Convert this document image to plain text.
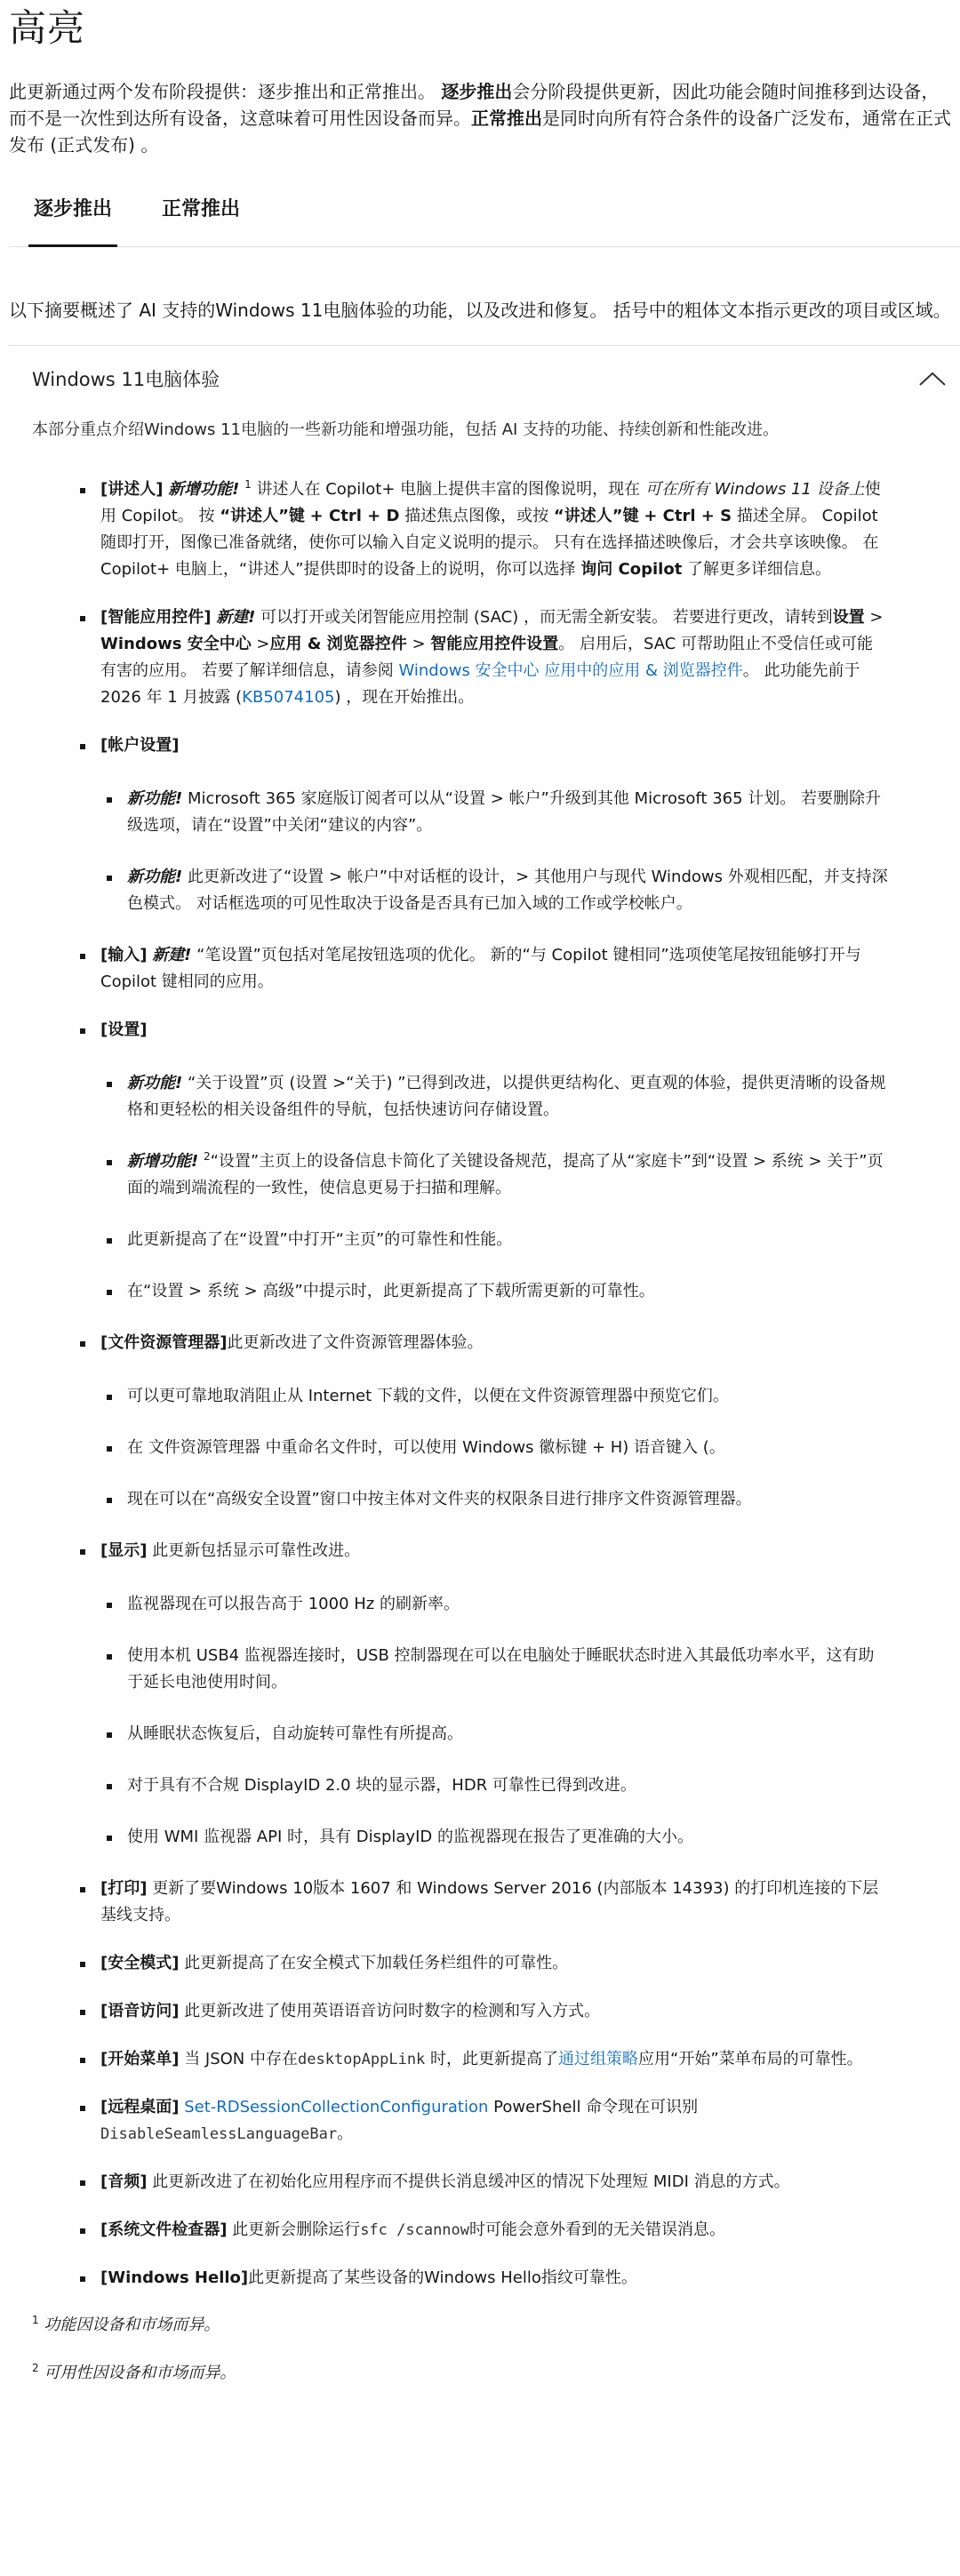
高亮

此更新通过两个发布阶段提供：逐步推出和正常推出。 逐步推出会分阶段提供更新，因此功能会随时间推移到达设备，而不是一次性到达所有设备，这意味着可用性因设备而异。正常推出是同时向所有符合条件的设备广泛发布，通常在正式发布 (正式发布) 。

逐步推出	正常推出

以下摘要概述了 AI 支持的Windows 11电脑体验的功能，以及改进和修复。 括号中的粗体文本指示更改的项目或区域。

Windows 11电脑体验

本部分重点介绍Windows 11电脑的一些新功能和增强功能，包括 AI 支持的功能、持续创新和性能改进。

[讲述人] 新增功能! $^1$ 讲述人在 Copilot+ 电脑上提供丰富的图像说明，现在 可在所有 Windows 11 设备上使用 Copilot。 按 “讲述人”键 + Ctrl + D 描述焦点图像，或按 “讲述人”键 + Ctrl + S 描述全屏。 Copilot 随即打开，图像已准备就绪，使你可以输入自定义说明的提示。 只有在选择描述映像后，才会共享该映像。 在 Copilot+ 电脑上，“讲述人”提供即时的设备上的说明，你可以选择 询问 Copilot 了解更多详细信息。
[智能应用控件] 新建! 可以打开或关闭智能应用控制 (SAC) ，而无需全新安装。 若要进行更改，请转到设置 > Windows 安全中心 >应用 & 浏览器控件 > 智能应用控件设置。 启用后，SAC 可帮助阻止不受信任或可能有害的应用。 若要了解详细信息，请参阅 Windows 安全中心 应用中的应用 & 浏览器控件。 此功能先前于 2026 年 1 月披露 (KB5074105) ，现在开始推出。
[帐户设置]
新功能! Microsoft 365 家庭版订阅者可以从“设置 > 帐户”升级到其他 Microsoft 365 计划。 若要删除升级选项，请在“设置”中关闭“建议的内容”。
新功能! 此更新改进了“设置 > 帐户”中对话框的设计，> 其他用户与现代 Windows 外观相匹配，并支持深色模式。 对话框选项的可见性取决于设备是否具有已加入域的工作或学校帐户。
[输入] 新建! “笔设置”页包括对笔尾按钮选项的优化。 新的“与 Copilot 键相同”选项使笔尾按钮能够打开与 Copilot 键相同的应用。
[设置]
新功能! “关于设置”页 (设置 >“关于) ”已得到改进，以提供更结构化、更直观的体验，提供更清晰的设备规格和更轻松的相关设备组件的导航，包括快速访问存储设置。
新增功能! $^2$“设置”主页上的设备信息卡简化了关键设备规范，提高了从“家庭卡”到“设置 > 系统 > 关于”页面的端到端流程的一致性，使信息更易于扫描和理解。
此更新提高了在“设置”中打开“主页”的可靠性和性能。
在“设置 > 系统 > 高级”中提示时，此更新提高了下载所需更新的可靠性。
[文件资源管理器]此更新改进了文件资源管理器体验。
可以更可靠地取消阻止从 Internet 下载的文件，以便在文件资源管理器中预览它们。
在 文件资源管理器 中重命名文件时，可以使用 Windows 徽标键 + H) 语音键入 (。
现在可以在“高级安全设置”窗口中按主体对文件夹的权限条目进行排序文件资源管理器。
[显示] 此更新包括显示可靠性改进。
监视器现在可以报告高于 1000 Hz 的刷新率。
使用本机 USB4 监视器连接时，USB 控制器现在可以在电脑处于睡眠状态时进入其最低功率水平，这有助于延长电池使用时间。
从睡眠状态恢复后，自动旋转可靠性有所提高。
对于具有不合规 DisplayID 2.0 块的显示器，HDR 可靠性已得到改进。
使用 WMI 监视器 API 时，具有 DisplayID 的监视器现在报告了更准确的大小。
[打印] 更新了要Windows 10版本 1607 和 Windows Server 2016 (内部版本 14393) 的打印机连接的下层基线支持。
[安全模式] 此更新提高了在安全模式下加载任务栏组件的可靠性。
[语音访问] 此更新改进了使用英语语音访问时数字的检测和写入方式。
[开始菜单] 当 JSON 中存在desktopAppLink 时，此更新提高了通过组策略应用“开始”菜单布局的可靠性。
[远程桌面] Set-RDSessionCollectionConfiguration PowerShell 命令现在可识别 DisableSeamlessLanguageBar。
[音频] 此更新改进了在初始化应用程序而不提供长消息缓冲区的情况下处理短 MIDI 消息的方式。
[系统文件检查器] 此更新会删除运行sfc /scannow时可能会意外看到的无关错误消息。
[Windows Hello]此更新提高了某些设备的Windows Hello指纹可靠性。

$^1$ 功能因设备和市场而异。

$^2$ 可用性因设备和市场而异。
